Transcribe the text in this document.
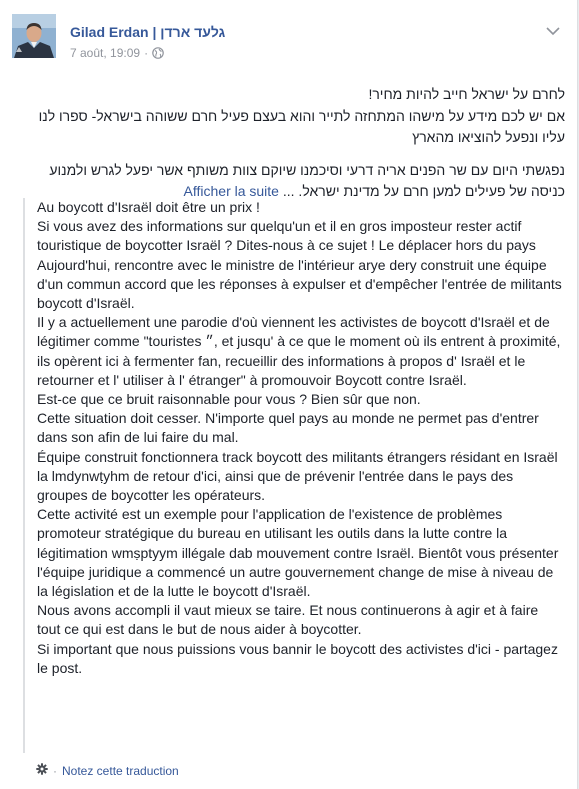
Gilad Erdan | גלעד ארדן
7 août, 19:09 ·

לחרם על ישראל חייב להיות מחיר!

אם יש לכם מידע על מישהו המתחזה לתייר והוא בעצם פעיל חרם ששוהה בישראל- ספרו לנו עליו ונפעל להוציאו מהארץ

נפגשתי היום עם שר הפנים אריה דרעי וסיכמנו שיוקם צוות משותף אשר יפעל לגרש ולמנוע כניסה של פעילים למען חרם על מדינת ישראל. ... Afficher la suite

Au boycott d'Israël doit être un prix !

Si vous avez des informations sur quelqu'un et il en gros imposteur rester actif touristique de boycotter Israël ? Dites-nous à ce sujet ! Le déplacer hors du pays

Aujourd'hui, rencontre avec le ministre de l'intérieur arye dery construit une équipe d'un commun accord que les réponses à expulser et d'empêcher l'entrée de militants boycott d'Israël.

Il y a actuellement une parodie d'où viennent les activistes de boycott d'Israël et de légitimer comme "touristes ״, et jusqu' à ce que le moment où ils entrent à proximité, ils opèrent ici à fermenter fan, recueillir des informations à propos d' Israël et le retourner et l' utiliser à l' étranger" à promouvoir Boycott contre Israël.

Est-ce que ce bruit raisonnable pour vous ? Bien sûr que non.

Cette situation doit cesser. N'importe quel pays au monde ne permet pas d'entrer dans son afin de lui faire du mal.

Équipe construit fonctionnera track boycott des militants étrangers résidant en Israël la lmdynwṭyhm de retour d'ici, ainsi que de prévenir l'entrée dans le pays des groupes de boycotter les opérateurs.

Cette activité est un exemple pour l'application de l'existence de problèmes promoteur stratégique du bureau en utilisant les outils dans la lutte contre la légitimation wmṣptyym illégale dab mouvement contre Israël. Bientôt vous présenter l'équipe juridique a commencé un autre gouvernement change de mise à niveau de la législation et de la lutte le boycott d'Israël.

Nous avons accompli il vaut mieux se taire. Et nous continuerons à agir et à faire tout ce qui est dans le but de nous aider à boycotter.

Si important que nous puissions vous bannir le boycott des activistes d'ici - partagez le post.

· Notez cette traduction
